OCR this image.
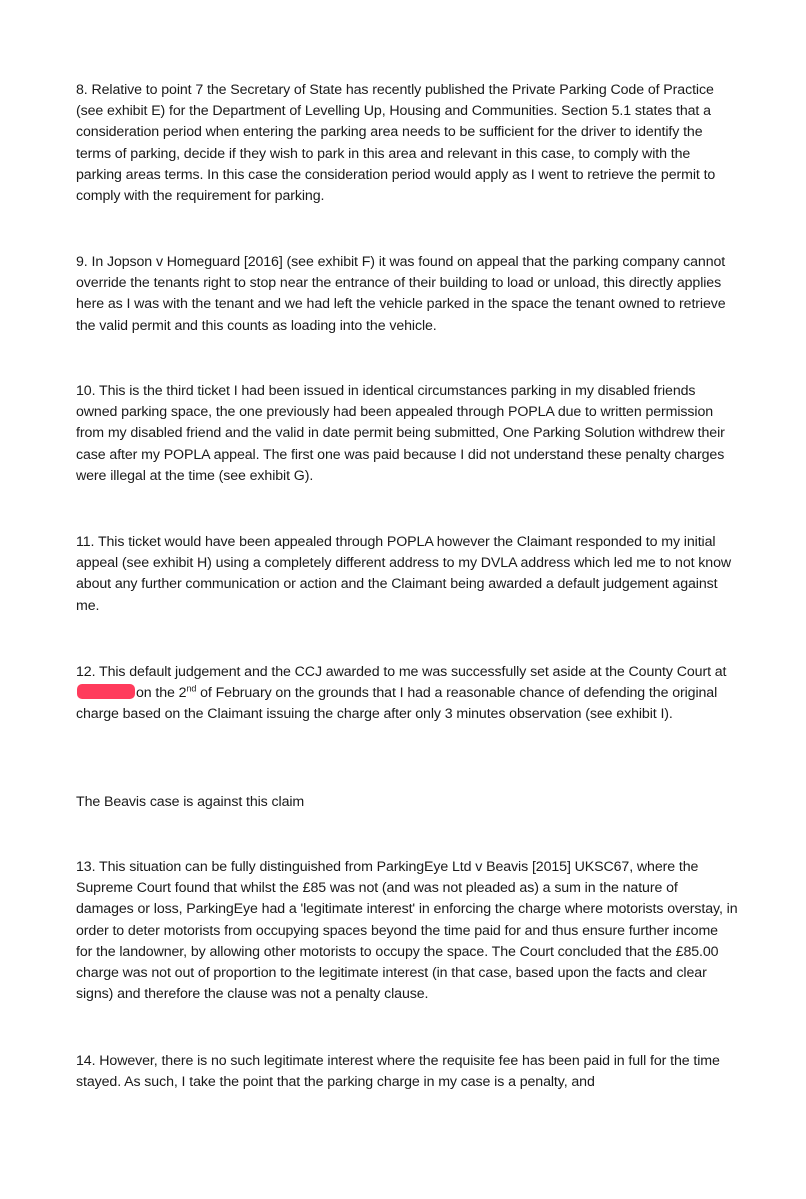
8. Relative to point 7 the Secretary of State has recently published the Private Parking Code of Practice (see exhibit E) for the Department of Levelling Up, Housing and Communities. Section 5.1 states that a consideration period when entering the parking area needs to be sufficient for the driver to identify the terms of parking, decide if they wish to park in this area and relevant in this case, to comply with the parking areas terms. In this case the consideration period would apply as I went to retrieve the permit to comply with the requirement for parking.

9. In Jopson v Homeguard [2016] (see exhibit F) it was found on appeal that the parking company cannot override the tenants right to stop near the entrance of their building to load or unload, this directly applies here as I was with the tenant and we had left the vehicle parked in the space the tenant owned to retrieve the valid permit and this counts as loading into the vehicle.

10. This is the third ticket I had been issued in identical circumstances parking in my disabled friends owned parking space, the one previously had been appealed through POPLA due to written permission from my disabled friend and the valid in date permit being submitted, One Parking Solution withdrew their case after my POPLA appeal. The first one was paid because I did not understand these penalty charges were illegal at the time (see exhibit G).

11. This ticket would have been appealed through POPLA however the Claimant responded to my initial appeal (see exhibit H) using a completely different address to my DVLA address which led me to not know about any further communication or action and the Claimant being awarded a default judgement against me.

12. This default judgement and the CCJ awarded to me was successfully set aside at the County Court at on the 2nd of February on the grounds that I had a reasonable chance of defending the original charge based on the Claimant issuing the charge after only 3 minutes observation (see exhibit I).

The Beavis case is against this claim

13. This situation can be fully distinguished from ParkingEye Ltd v Beavis [2015] UKSC67, where the Supreme Court found that whilst the £85 was not (and was not pleaded as) a sum in the nature of damages or loss, ParkingEye had a 'legitimate interest' in enforcing the charge where motorists overstay, in order to deter motorists from occupying spaces beyond the time paid for and thus ensure further income for the landowner, by allowing other motorists to occupy the space. The Court concluded that the £85.00 charge was not out of proportion to the legitimate interest (in that case, based upon the facts and clear signs) and therefore the clause was not a penalty clause.

14. However, there is no such legitimate interest where the requisite fee has been paid in full for the time stayed. As such, I take the point that the parking charge in my case is a penalty, and
